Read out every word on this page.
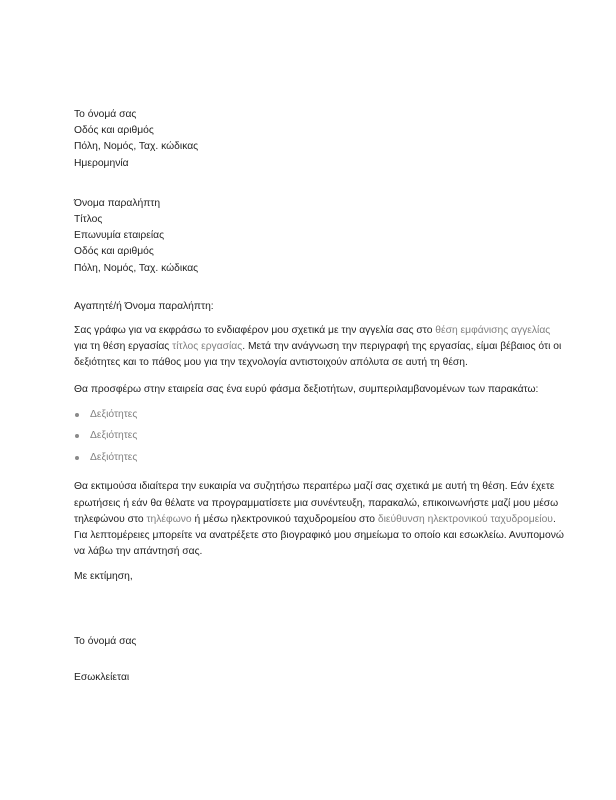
Το όνομά σας
Οδός και αριθμός
Πόλη, Νομός, Ταχ. κώδικας
Ημερομηνία
Όνομα παραλήπτη
Τίτλος
Επωνυμία εταιρείας
Οδός και αριθμός
Πόλη, Νομός, Ταχ. κώδικας

Αγαπητέ/ή Όνομα παραλήπτη:

Σας γράφω για να εκφράσω το ενδιαφέρον μου σχετικά με την αγγελία σας στο θέση εμφάνισης αγγελίας για τη θέση εργασίας τίτλος εργασίας. Μετά την ανάγνωση την περιγραφή της εργασίας, είμαι βέβαιος ότι οι δεξιότητες και το πάθος μου για την τεχνολογία αντιστοιχούν απόλυτα σε αυτή τη θέση.

Θα προσφέρω στην εταιρεία σας ένα ευρύ φάσμα δεξιοτήτων, συμπεριλαμβανομένων των παρακάτω:

Δεξιότητες
Δεξιότητες
Δεξιότητες

Θα εκτιμούσα ιδιαίτερα την ευκαιρία να συζητήσω περαιτέρω μαζί σας σχετικά με αυτή τη θέση. Εάν έχετε ερωτήσεις ή εάν θα θέλατε να προγραμματίσετε μια συνέντευξη, παρακαλώ, επικοινωνήστε μαζί μου μέσω τηλεφώνου στο τηλέφωνο ή μέσω ηλεκτρονικού ταχυδρομείου στο διεύθυνση ηλεκτρονικού ταχυδρομείου. Για λεπτομέρειες μπορείτε να ανατρέξετε στο βιογραφικό μου σημείωμα το οποίο και εσωκλείω. Ανυπομονώ να λάβω την απάντησή σας.

Με εκτίμηση,

Το όνομά σας

Εσωκλείεται
